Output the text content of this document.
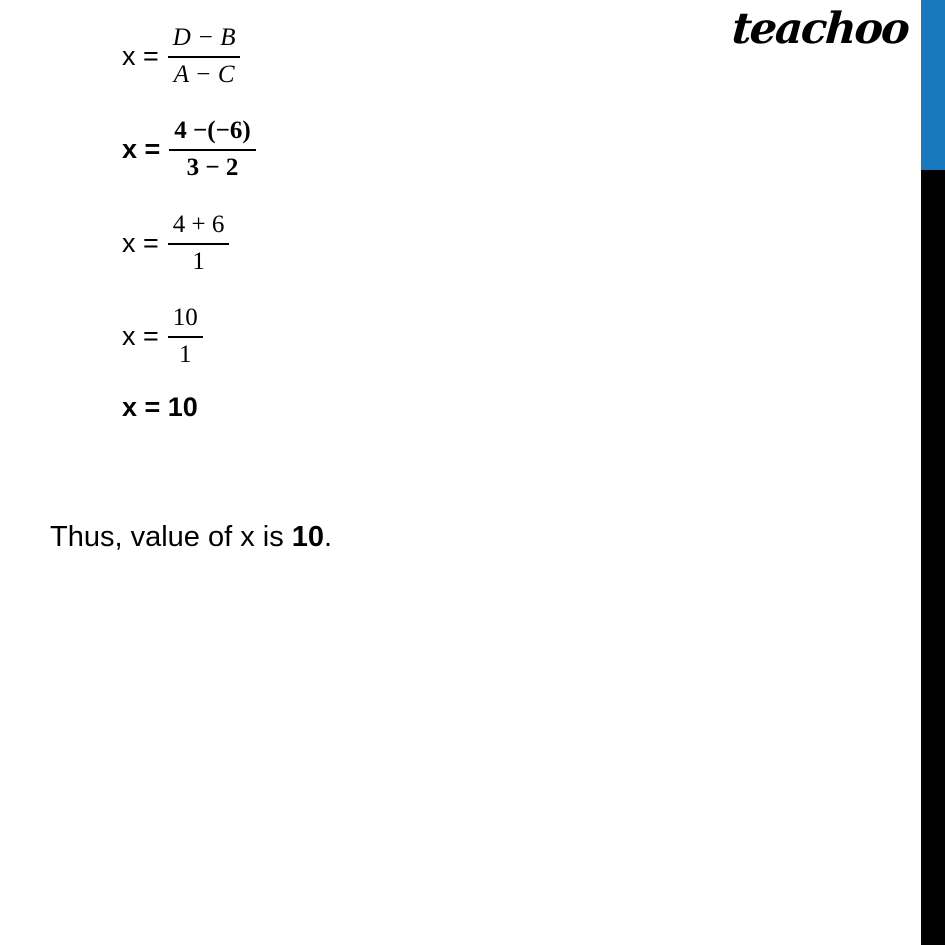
teachoo
$x = \frac{D - B}{A - C}$
$x = \frac{4 -(-6)}{3 - 2}$
$x = \frac{4 + 6}{1}$
$x = \frac{10}{1}$
x = 10
Thus, value of x is 10.
